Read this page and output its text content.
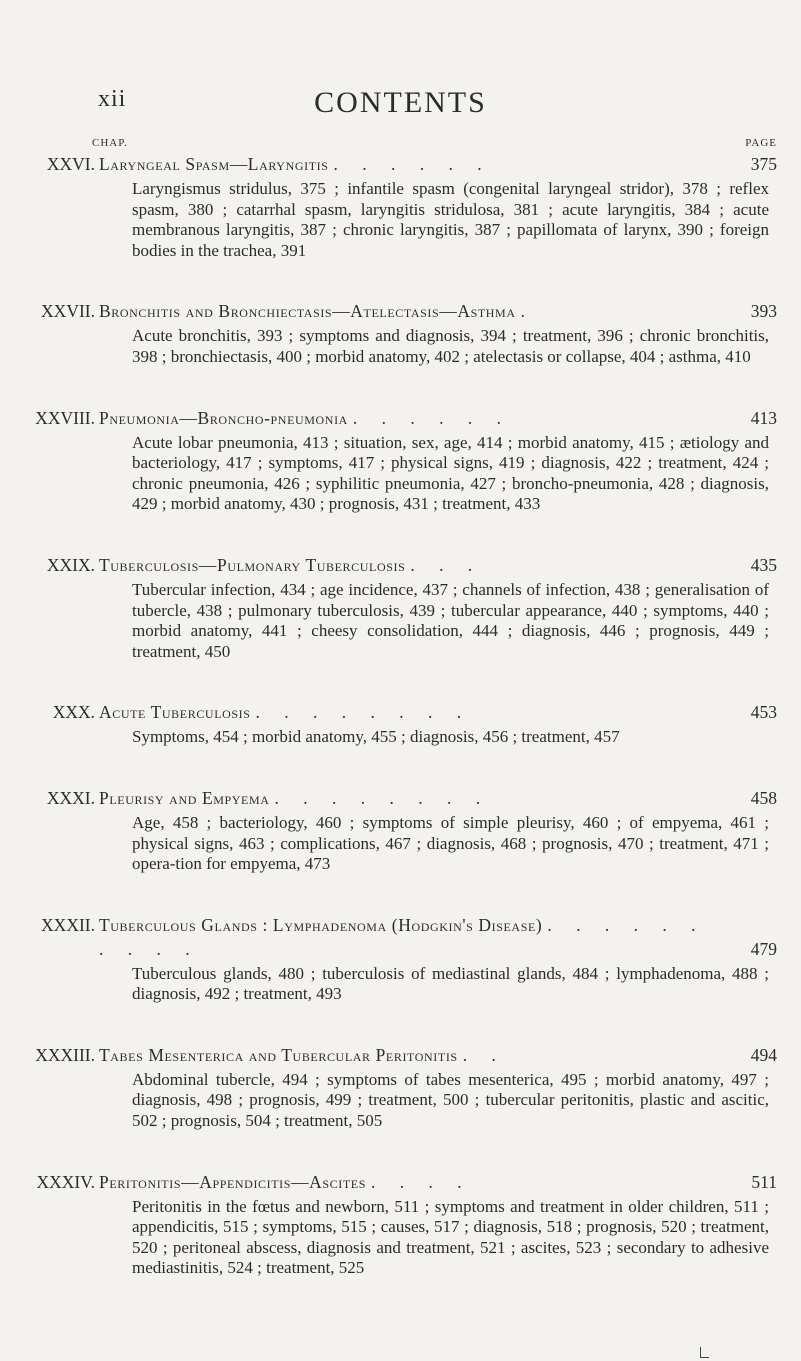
xii	CONTENTS
CHAP.	PAGE
XXVI. Laryngeal Spasm—Laryngitis . . . . . .	375
Laryngismus stridulus, 375 ; infantile spasm (congenital laryngeal stridor), 378 ; reflex spasm, 380 ; catarrhal spasm, laryngitis stridulosa, 381 ; acute laryngitis, 384 ; acute membranous laryngitis, 387 ; chronic laryngitis, 387 ; papillomata of larynx, 390 ; foreign bodies in the trachea, 391
XXVII. Bronchitis and Bronchiectasis—Atelectasis—Asthma .	393
Acute bronchitis, 393 ; symptoms and diagnosis, 394 ; treatment, 396 ; chronic bronchitis, 398 ; bronchiectasis, 400 ; morbid anatomy, 402 ; atelectasis or collapse, 404 ; asthma, 410
XXVIII. Pneumonia—Broncho-pneumonia . . . . . .	413
Acute lobar pneumonia, 413 ; situation, sex, age, 414 ; morbid anatomy, 415 ; ætiology and bacteriology, 417 ; symptoms, 417 ; physical signs, 419 ; diagnosis, 422 ; treatment, 424 ; chronic pneumonia, 426 ; syphilitic pneumonia, 427 ; broncho-pneumonia, 428 ; diagnosis, 429 ; morbid anatomy, 430 ; prognosis, 431 ; treatment, 433
XXIX. Tuberculosis—Pulmonary Tuberculosis . . .	435
Tubercular infection, 434 ; age incidence, 437 ; channels of infection, 438 ; generalisation of tubercle, 438 ; pulmonary tuberculosis, 439 ; tubercular appearance, 440 ; symptoms, 440 ; morbid anatomy, 441 ; cheesy consolidation, 444 ; diagnosis, 446 ; prognosis, 449 ; treatment, 450
XXX. Acute Tuberculosis . . . . . . . .	453
Symptoms, 454 ; morbid anatomy, 455 ; diagnosis, 456 ; treatment, 457
XXXI. Pleurisy and Empyema . . . . . . . .	458
Age, 458 ; bacteriology, 460 ; symptoms of simple pleurisy, 460 ; of empyema, 461 ; physical signs, 463 ; complications, 467 ; diagnosis, 468 ; prognosis, 470 ; treatment, 471 ; opera-tion for empyema, 473
XXXII. Tuberculous Glands : Lymphadenoma (Hodgkin's Disease) . . . . . . . . . .	479
Tuberculous glands, 480 ; tuberculosis of mediastinal glands, 484 ; lymphadenoma, 488 ; diagnosis, 492 ; treatment, 493
XXXIII. Tabes Mesenterica and Tubercular Peritonitis . .	494
Abdominal tubercle, 494 ; symptoms of tabes mesenterica, 495 ; morbid anatomy, 497 ; diagnosis, 498 ; prognosis, 499 ; treatment, 500 ; tubercular peritonitis, plastic and ascitic, 502 ; prognosis, 504 ; treatment, 505
XXXIV. Peritonitis—Appendicitis—Ascites . . . .	511
Peritonitis in the fœtus and newborn, 511 ; symptoms and treatment in older children, 511 ; appendicitis, 515 ; symptoms, 515 ; causes, 517 ; diagnosis, 518 ; prognosis, 520 ; treatment, 520 ; peritoneal abscess, diagnosis and treatment, 521 ; ascites, 523 ; secondary to adhesive mediastinitis, 524 ; treatment, 525
